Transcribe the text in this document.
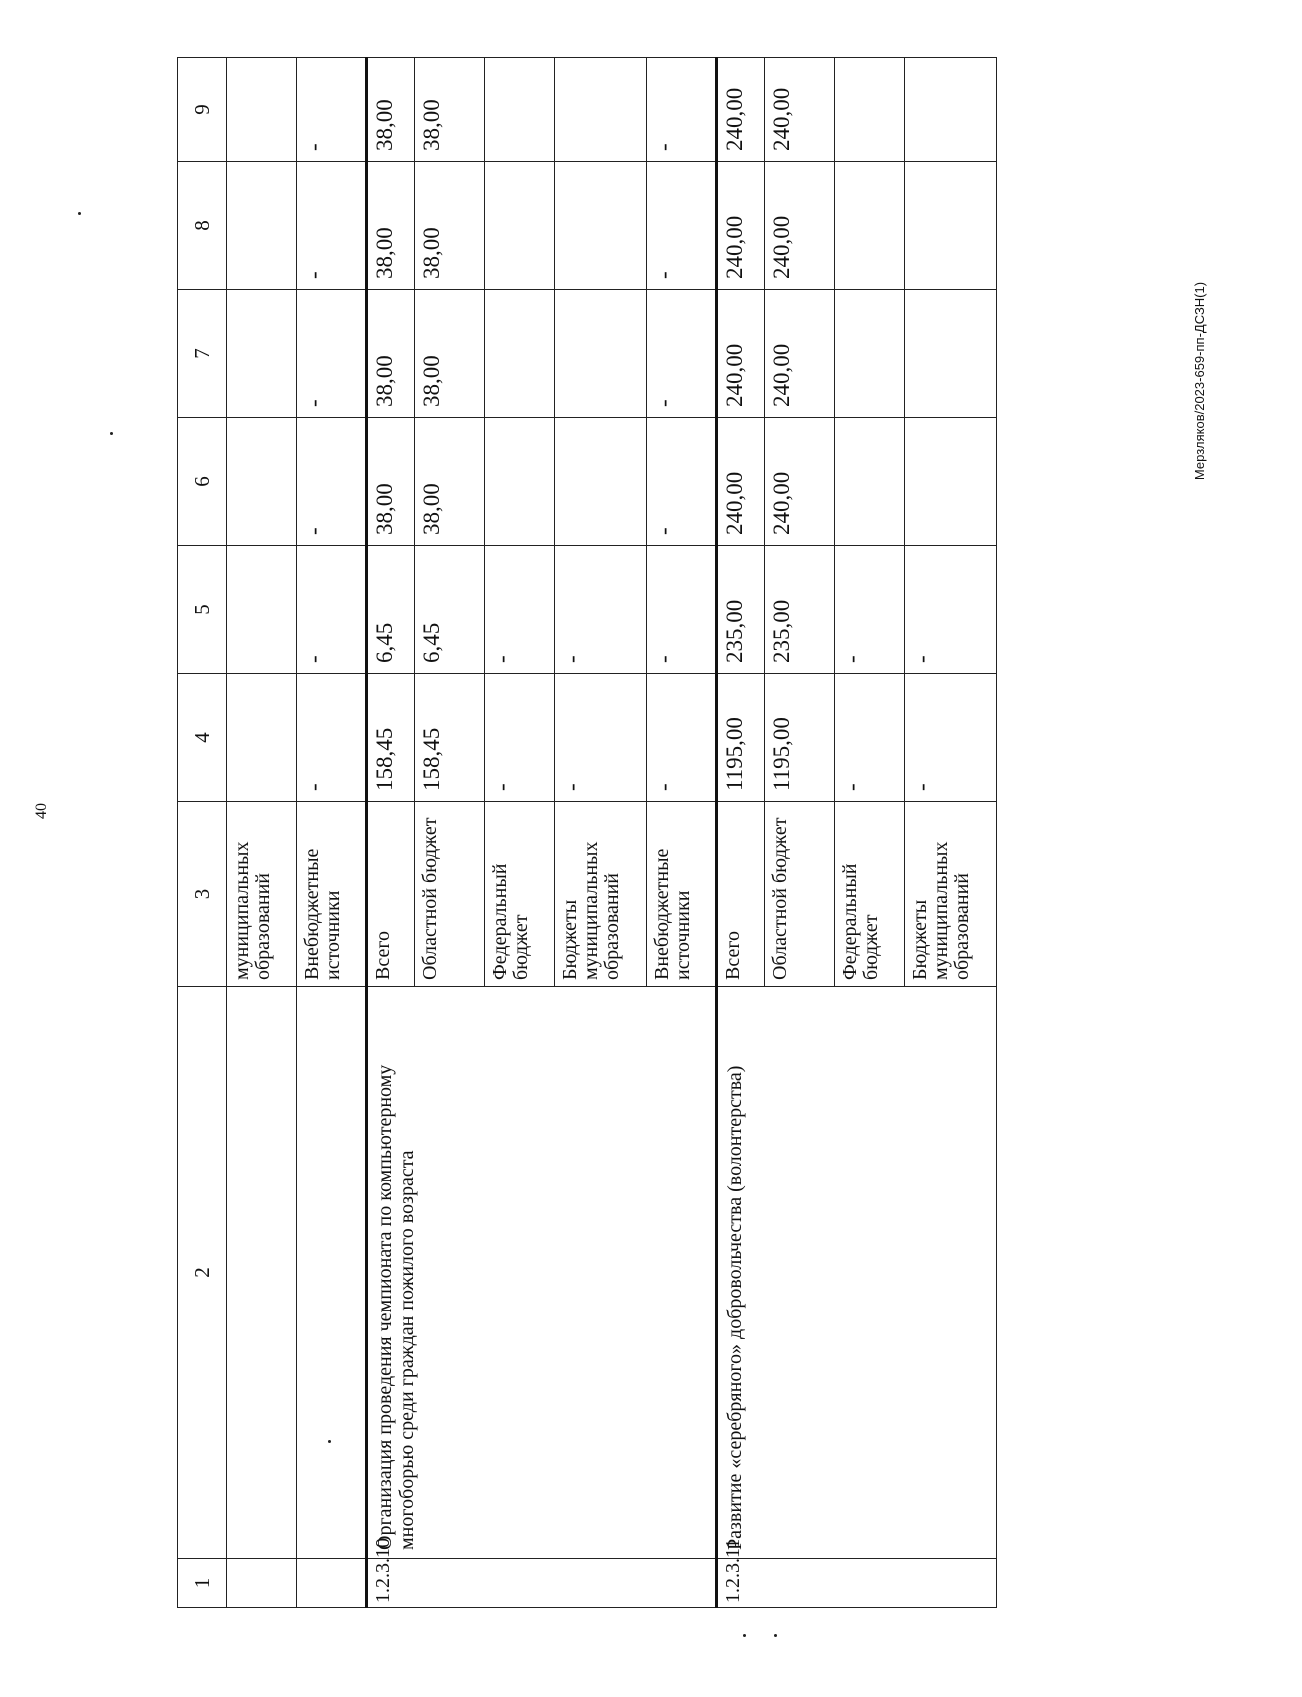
40
Мерзляков/2023-659-пп-ДСЗН(1)
1	2	3	4	5	6	7	8	9
		муниципальных образований						
		Внебюджетные источники	-	-	-	-	-	-
1.2.3.10	Организация проведения чемпионата по компьютерному многоборью среди граждан пожилого возраста	Всего	158,45	6,45	38,00	38,00	38,00	38,00
		Областной бюджет	158,45	6,45	38,00	38,00	38,00	38,00
		Федеральный бюджет	-	-				
		Бюджеты муниципальных образований	-	-				
		Внебюджетные источники	-	-	-	-	-	-
1.2.3.11	Развитие «серебряного» добровольчества (волонтерства)	Всего	1195,00	235,00	240,00	240,00	240,00	240,00
		Областной бюджет	1195,00	235,00	240,00	240,00	240,00	240,00
		Федеральный бюджет	-	-				
		Бюджеты муниципальных образований	-	-				
